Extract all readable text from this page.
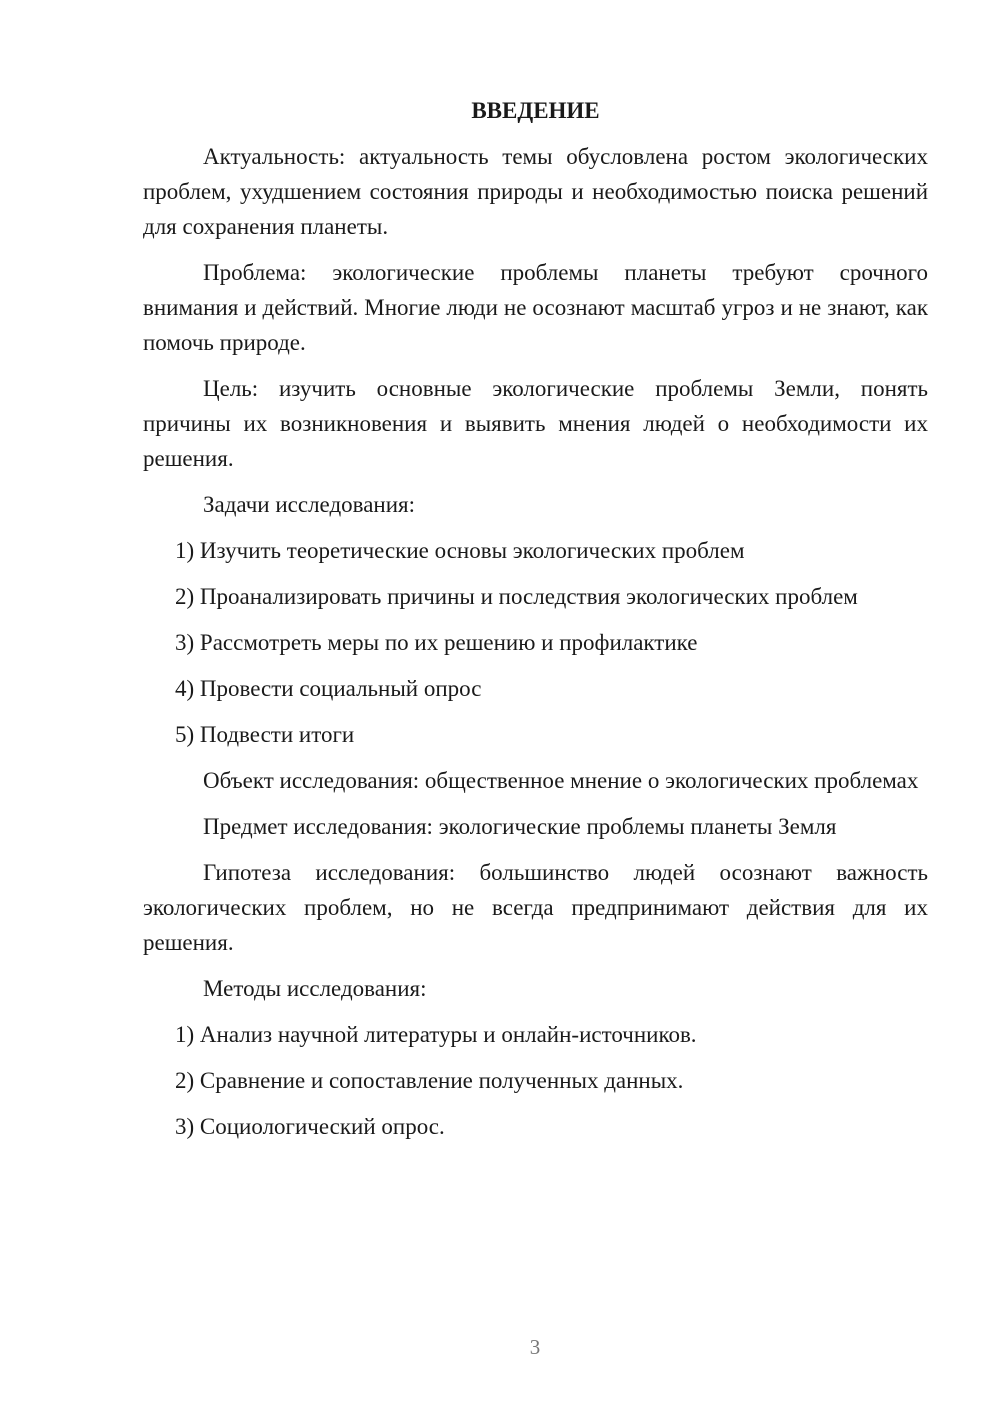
ВВЕДЕНИЕ

Актуальность: актуальность темы обусловлена ростом экологических проблем, ухудшением состояния природы и необходимостью поиска решений для сохранения планеты.

Проблема: экологические проблемы планеты требуют срочного внимания и действий. Многие люди не осознают масштаб угроз и не знают, как помочь природе.

Цель: изучить основные экологические проблемы Земли, понять причины их возникновения и выявить мнения людей о необходимости их решения.

Задачи исследования:

1) Изучить теоретические основы экологических проблем
2) Проанализировать причины и последствия экологических проблем
3) Рассмотреть меры по их решению и профилактике
4) Провести социальный опрос
5) Подвести итоги

Объект исследования: общественное мнение о экологических проблемах

Предмет исследования: экологические проблемы планеты Земля

Гипотеза исследования: большинство людей осознают важность экологических проблем, но не всегда предпринимают действия для их решения.

Методы исследования:

1) Анализ научной литературы и онлайн-источников.
2) Сравнение и сопоставление полученных данных.
3) Социологический опрос.
3
